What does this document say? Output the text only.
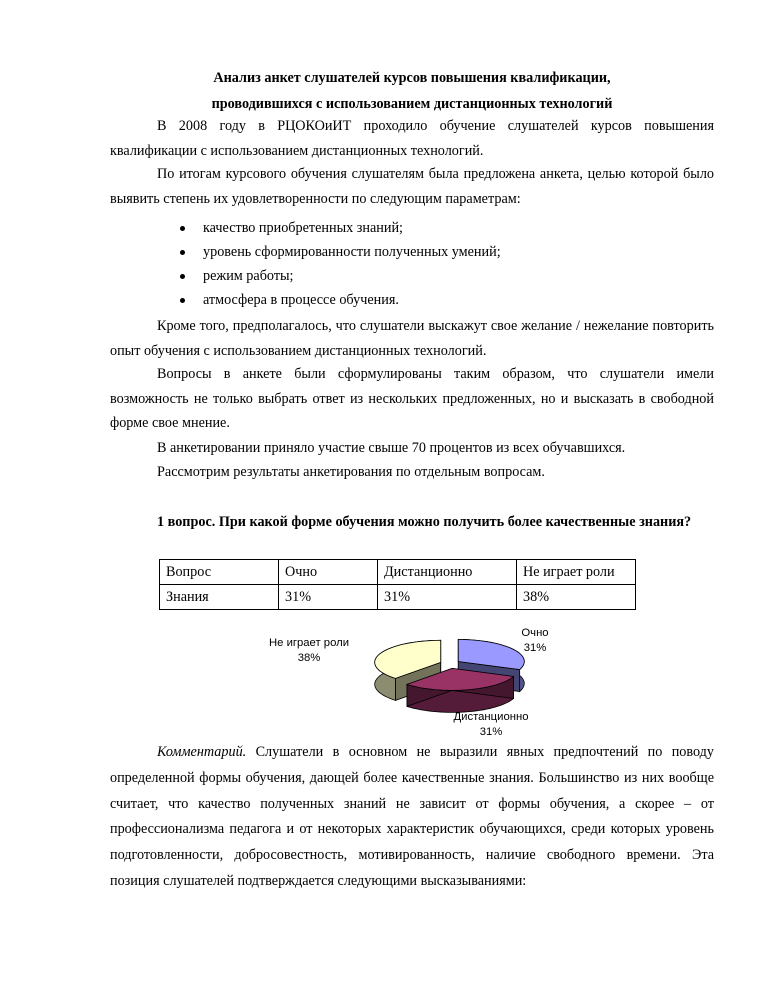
Анализ анкет слушателей курсов повышения квалификации,
проводившихся с использованием дистанционных технологий

В 2008 году в РЦОКОиИТ проходило обучение слушателей курсов повышения квалификации с использованием дистанционных технологий.

По итогам курсового обучения слушателям была предложена анкета, целью которой было выявить степень их удовлетворенности по следующим параметрам:

качество приобретенных знаний;
уровень сформированности полученных умений;
режим работы;
атмосфера в процессе обучения.

Кроме того, предполагалось, что слушатели выскажут свое желание / нежелание повторить опыт обучения с использованием дистанционных технологий.

Вопросы в анкете были сформулированы таким образом, что слушатели имели возможность не только выбрать ответ из нескольких предложенных, но и высказать в свободной форме свое мнение.

В анкетировании приняло участие свыше 70 процентов из всех обучавшихся.

Рассмотрим результаты анкетирования по отдельным вопросам.

1 вопрос. При какой форме обучения можно получить более качественные знания?

Вопрос	Очно	Дистанционно	Не играет роли
Знания	31%	31%	38%
Очно
31%
Не играет роли
38%
Дистанционно
31%

Комментарий. Слушатели в основном не выразили явных предпочтений по поводу определенной формы обучения, дающей более качественные знания. Большинство из них вообще считает, что качество полученных знаний не зависит от формы обучения, а скорее – от профессионализма педагога и от некоторых характеристик обучающихся, среди которых уровень подготовленности, добросовестность, мотивированность, наличие свободного времени. Эта позиция слушателей подтверждается следующими высказываниями:
